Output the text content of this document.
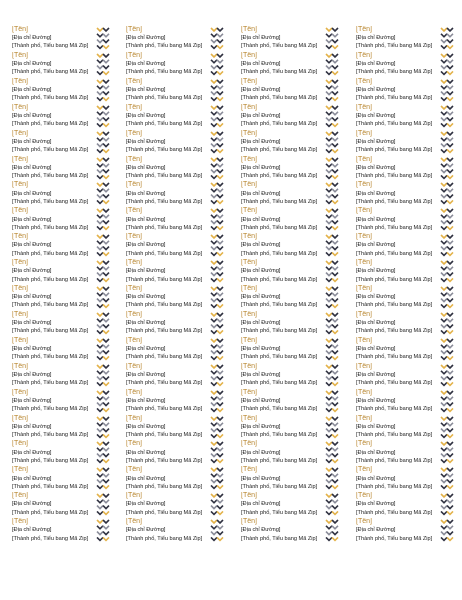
[Tên]
[Địa chỉ Đường]
[Thành phố, Tiểu bang Mã Zip]
[Tên]
[Địa chỉ Đường]
[Thành phố, Tiểu bang Mã Zip]
[Tên]
[Địa chỉ Đường]
[Thành phố, Tiểu bang Mã Zip]
[Tên]
[Địa chỉ Đường]
[Thành phố, Tiểu bang Mã Zip]
[Tên]
[Địa chỉ Đường]
[Thành phố, Tiểu bang Mã Zip]
[Tên]
[Địa chỉ Đường]
[Thành phố, Tiểu bang Mã Zip]
[Tên]
[Địa chỉ Đường]
[Thành phố, Tiểu bang Mã Zip]
[Tên]
[Địa chỉ Đường]
[Thành phố, Tiểu bang Mã Zip]
[Tên]
[Địa chỉ Đường]
[Thành phố, Tiểu bang Mã Zip]
[Tên]
[Địa chỉ Đường]
[Thành phố, Tiểu bang Mã Zip]
[Tên]
[Địa chỉ Đường]
[Thành phố, Tiểu bang Mã Zip]
[Tên]
[Địa chỉ Đường]
[Thành phố, Tiểu bang Mã Zip]
[Tên]
[Địa chỉ Đường]
[Thành phố, Tiểu bang Mã Zip]
[Tên]
[Địa chỉ Đường]
[Thành phố, Tiểu bang Mã Zip]
[Tên]
[Địa chỉ Đường]
[Thành phố, Tiểu bang Mã Zip]
[Tên]
[Địa chỉ Đường]
[Thành phố, Tiểu bang Mã Zip]
[Tên]
[Địa chỉ Đường]
[Thành phố, Tiểu bang Mã Zip]
[Tên]
[Địa chỉ Đường]
[Thành phố, Tiểu bang Mã Zip]
[Tên]
[Địa chỉ Đường]
[Thành phố, Tiểu bang Mã Zip]
[Tên]
[Địa chỉ Đường]
[Thành phố, Tiểu bang Mã Zip]
[Tên]
[Địa chỉ Đường]
[Thành phố, Tiểu bang Mã Zip]
[Tên]
[Địa chỉ Đường]
[Thành phố, Tiểu bang Mã Zip]
[Tên]
[Địa chỉ Đường]
[Thành phố, Tiểu bang Mã Zip]
[Tên]
[Địa chỉ Đường]
[Thành phố, Tiểu bang Mã Zip]
[Tên]
[Địa chỉ Đường]
[Thành phố, Tiểu bang Mã Zip]
[Tên]
[Địa chỉ Đường]
[Thành phố, Tiểu bang Mã Zip]
[Tên]
[Địa chỉ Đường]
[Thành phố, Tiểu bang Mã Zip]
[Tên]
[Địa chỉ Đường]
[Thành phố, Tiểu bang Mã Zip]
[Tên]
[Địa chỉ Đường]
[Thành phố, Tiểu bang Mã Zip]
[Tên]
[Địa chỉ Đường]
[Thành phố, Tiểu bang Mã Zip]
[Tên]
[Địa chỉ Đường]
[Thành phố, Tiểu bang Mã Zip]
[Tên]
[Địa chỉ Đường]
[Thành phố, Tiểu bang Mã Zip]
[Tên]
[Địa chỉ Đường]
[Thành phố, Tiểu bang Mã Zip]
[Tên]
[Địa chỉ Đường]
[Thành phố, Tiểu bang Mã Zip]
[Tên]
[Địa chỉ Đường]
[Thành phố, Tiểu bang Mã Zip]
[Tên]
[Địa chỉ Đường]
[Thành phố, Tiểu bang Mã Zip]
[Tên]
[Địa chỉ Đường]
[Thành phố, Tiểu bang Mã Zip]
[Tên]
[Địa chỉ Đường]
[Thành phố, Tiểu bang Mã Zip]
[Tên]
[Địa chỉ Đường]
[Thành phố, Tiểu bang Mã Zip]
[Tên]
[Địa chỉ Đường]
[Thành phố, Tiểu bang Mã Zip]
[Tên]
[Địa chỉ Đường]
[Thành phố, Tiểu bang Mã Zip]
[Tên]
[Địa chỉ Đường]
[Thành phố, Tiểu bang Mã Zip]
[Tên]
[Địa chỉ Đường]
[Thành phố, Tiểu bang Mã Zip]
[Tên]
[Địa chỉ Đường]
[Thành phố, Tiểu bang Mã Zip]
[Tên]
[Địa chỉ Đường]
[Thành phố, Tiểu bang Mã Zip]
[Tên]
[Địa chỉ Đường]
[Thành phố, Tiểu bang Mã Zip]
[Tên]
[Địa chỉ Đường]
[Thành phố, Tiểu bang Mã Zip]
[Tên]
[Địa chỉ Đường]
[Thành phố, Tiểu bang Mã Zip]
[Tên]
[Địa chỉ Đường]
[Thành phố, Tiểu bang Mã Zip]
[Tên]
[Địa chỉ Đường]
[Thành phố, Tiểu bang Mã Zip]
[Tên]
[Địa chỉ Đường]
[Thành phố, Tiểu bang Mã Zip]
[Tên]
[Địa chỉ Đường]
[Thành phố, Tiểu bang Mã Zip]
[Tên]
[Địa chỉ Đường]
[Thành phố, Tiểu bang Mã Zip]
[Tên]
[Địa chỉ Đường]
[Thành phố, Tiểu bang Mã Zip]
[Tên]
[Địa chỉ Đường]
[Thành phố, Tiểu bang Mã Zip]
[Tên]
[Địa chỉ Đường]
[Thành phố, Tiểu bang Mã Zip]
[Tên]
[Địa chỉ Đường]
[Thành phố, Tiểu bang Mã Zip]
[Tên]
[Địa chỉ Đường]
[Thành phố, Tiểu bang Mã Zip]
[Tên]
[Địa chỉ Đường]
[Thành phố, Tiểu bang Mã Zip]
[Tên]
[Địa chỉ Đường]
[Thành phố, Tiểu bang Mã Zip]
[Tên]
[Địa chỉ Đường]
[Thành phố, Tiểu bang Mã Zip]
[Tên]
[Địa chỉ Đường]
[Thành phố, Tiểu bang Mã Zip]
[Tên]
[Địa chỉ Đường]
[Thành phố, Tiểu bang Mã Zip]
[Tên]
[Địa chỉ Đường]
[Thành phố, Tiểu bang Mã Zip]
[Tên]
[Địa chỉ Đường]
[Thành phố, Tiểu bang Mã Zip]
[Tên]
[Địa chỉ Đường]
[Thành phố, Tiểu bang Mã Zip]
[Tên]
[Địa chỉ Đường]
[Thành phố, Tiểu bang Mã Zip]
[Tên]
[Địa chỉ Đường]
[Thành phố, Tiểu bang Mã Zip]
[Tên]
[Địa chỉ Đường]
[Thành phố, Tiểu bang Mã Zip]
[Tên]
[Địa chỉ Đường]
[Thành phố, Tiểu bang Mã Zip]
[Tên]
[Địa chỉ Đường]
[Thành phố, Tiểu bang Mã Zip]
[Tên]
[Địa chỉ Đường]
[Thành phố, Tiểu bang Mã Zip]
[Tên]
[Địa chỉ Đường]
[Thành phố, Tiểu bang Mã Zip]
[Tên]
[Địa chỉ Đường]
[Thành phố, Tiểu bang Mã Zip]
[Tên]
[Địa chỉ Đường]
[Thành phố, Tiểu bang Mã Zip]
[Tên]
[Địa chỉ Đường]
[Thành phố, Tiểu bang Mã Zip]
[Tên]
[Địa chỉ Đường]
[Thành phố, Tiểu bang Mã Zip]
[Tên]
[Địa chỉ Đường]
[Thành phố, Tiểu bang Mã Zip]
[Tên]
[Địa chỉ Đường]
[Thành phố, Tiểu bang Mã Zip]
[Tên]
[Địa chỉ Đường]
[Thành phố, Tiểu bang Mã Zip]
